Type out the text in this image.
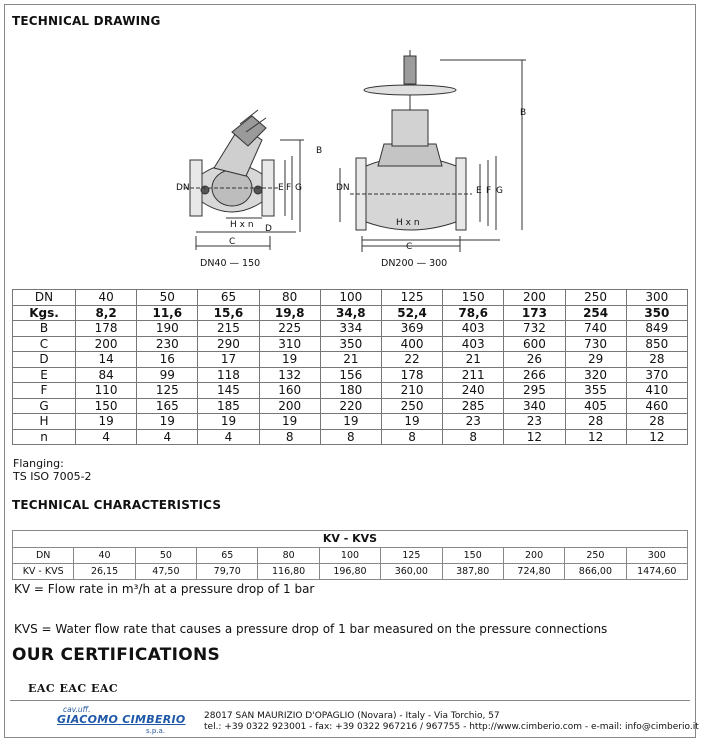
TECHNICAL DRAWING
DN
B
C
D
E F G
H x n
DN
B
C
E F G
H x n
DN40 — 150	DN200 — 300
DN	40	50	65	80	100	125	150	200	250	300
Kgs.	8,2	11,6	15,6	19,8	34,8	52,4	78,6	173	254	350
B	178	190	215	225	334	369	403	732	740	849
C	200	230	290	310	350	400	403	600	730	850
D	14	16	17	19	21	22	21	26	29	28
E	84	99	118	132	156	178	211	266	320	370
F	110	125	145	160	180	210	240	295	355	410
G	150	165	185	200	220	250	285	340	405	460
H	19	19	19	19	19	19	23	23	28	28
n	4	4	4	8	8	8	8	12	12	12
Flanging:
TS ISO 7005-2
TECHNICAL CHARACTERISTICS
KV - KVS										
DN	40	50	65	80	100	125	150	200	250	300
KV - KVS	26,15	47,50	79,70	116,80	196,80	360,00	387,80	724,80	866,00	1474,60
KV = Flow rate in m³/h at a pressure drop of 1 bar
KVS = Water flow rate that causes a pressure drop of 1 bar measured on the pressure connections
OUR CERTIFICATIONS
EAC EAC EAC
cav.uff.
GIACOMO CIMBERIO
s.p.a.
28017 SAN MAURIZIO D'OPAGLIO (Novara) - Italy - Via Torchio, 57
tel.: +39 0322 923001 - fax: +39 0322 967216 / 967755 - http://www.cimberio.com - e-mail: info@cimberio.it
